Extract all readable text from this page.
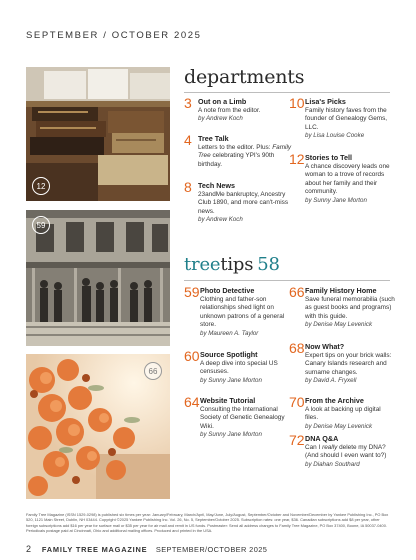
SEPTEMBER / OCTOBER 2025
12
59
66
departments
3 Out on a Limb
A note from the editor.
by Andrew Koch
4 Tree Talk
Letters to the editor. Plus: Family Tree celebrating YPI's 90th birthday.
8 Tech News
23andMe bankruptcy, Ancestry Club 1890, and more can't-miss news.
by Andrew Koch
10 Lisa's Picks
Family history faves from the founder of Genealogy Gems, LLC.
by Lisa Louise Cooke
12 Stories to Tell
A chance discovery leads one woman to a trove of records about her family and their community.
by Sunny Jane Morton
treetips 58
59 Photo Detective
Clothing and father-son relationships shed light on unknown patrons of a general store.
by Maureen A. Taylor
60 Source Spotlight
A deep dive into special US censuses.
by Sunny Jane Morton
64 Website Tutorial
Consulting the International Society of Genetic Genealogy Wiki.
by Sunny Jane Morton
66 Family History Home
Save funeral memorabilia (such as guest books and programs) with this guide.
by Denise May Levenick
68 Now What?
Expert tips on your brick walls: Canary Islands research and surname changes.
by David A. Fryxell
70 From the Archive
A look at backing up digital files.
by Denise May Levenick
72 DNA Q&A
Can I really delete my DNA? (And should I even want to?)
by Diahan Southard
Family Tree Magazine (ISSN 1529-0298) is published six times per year: January/February, March/April, May/June, July/August, September/October and November/December by Yankee Publishing Inc., PO Box 520, 1121 Main Street, Dublin, NH 03444. Copyright ©2025 Yankee Publishing Inc. Vol. 26, No. 5, September/October 2025. Subscription rates: one year, $36. Canadian subscriptions add $8 per year, other foreign subscriptions add $16 per year for surface mail or $35 per year for air mail and remit in US funds. Postmaster: Send all address changes to Family Tree Magazine, PO Box 37400, Boone, IA 50037-0400. Periodicals postage paid at Cincinnati, Ohio and additional mailing offices. Produced and printed in the USA.
2 FAMILY TREE MAGAZINE SEPTEMBER/OCTOBER 2025
